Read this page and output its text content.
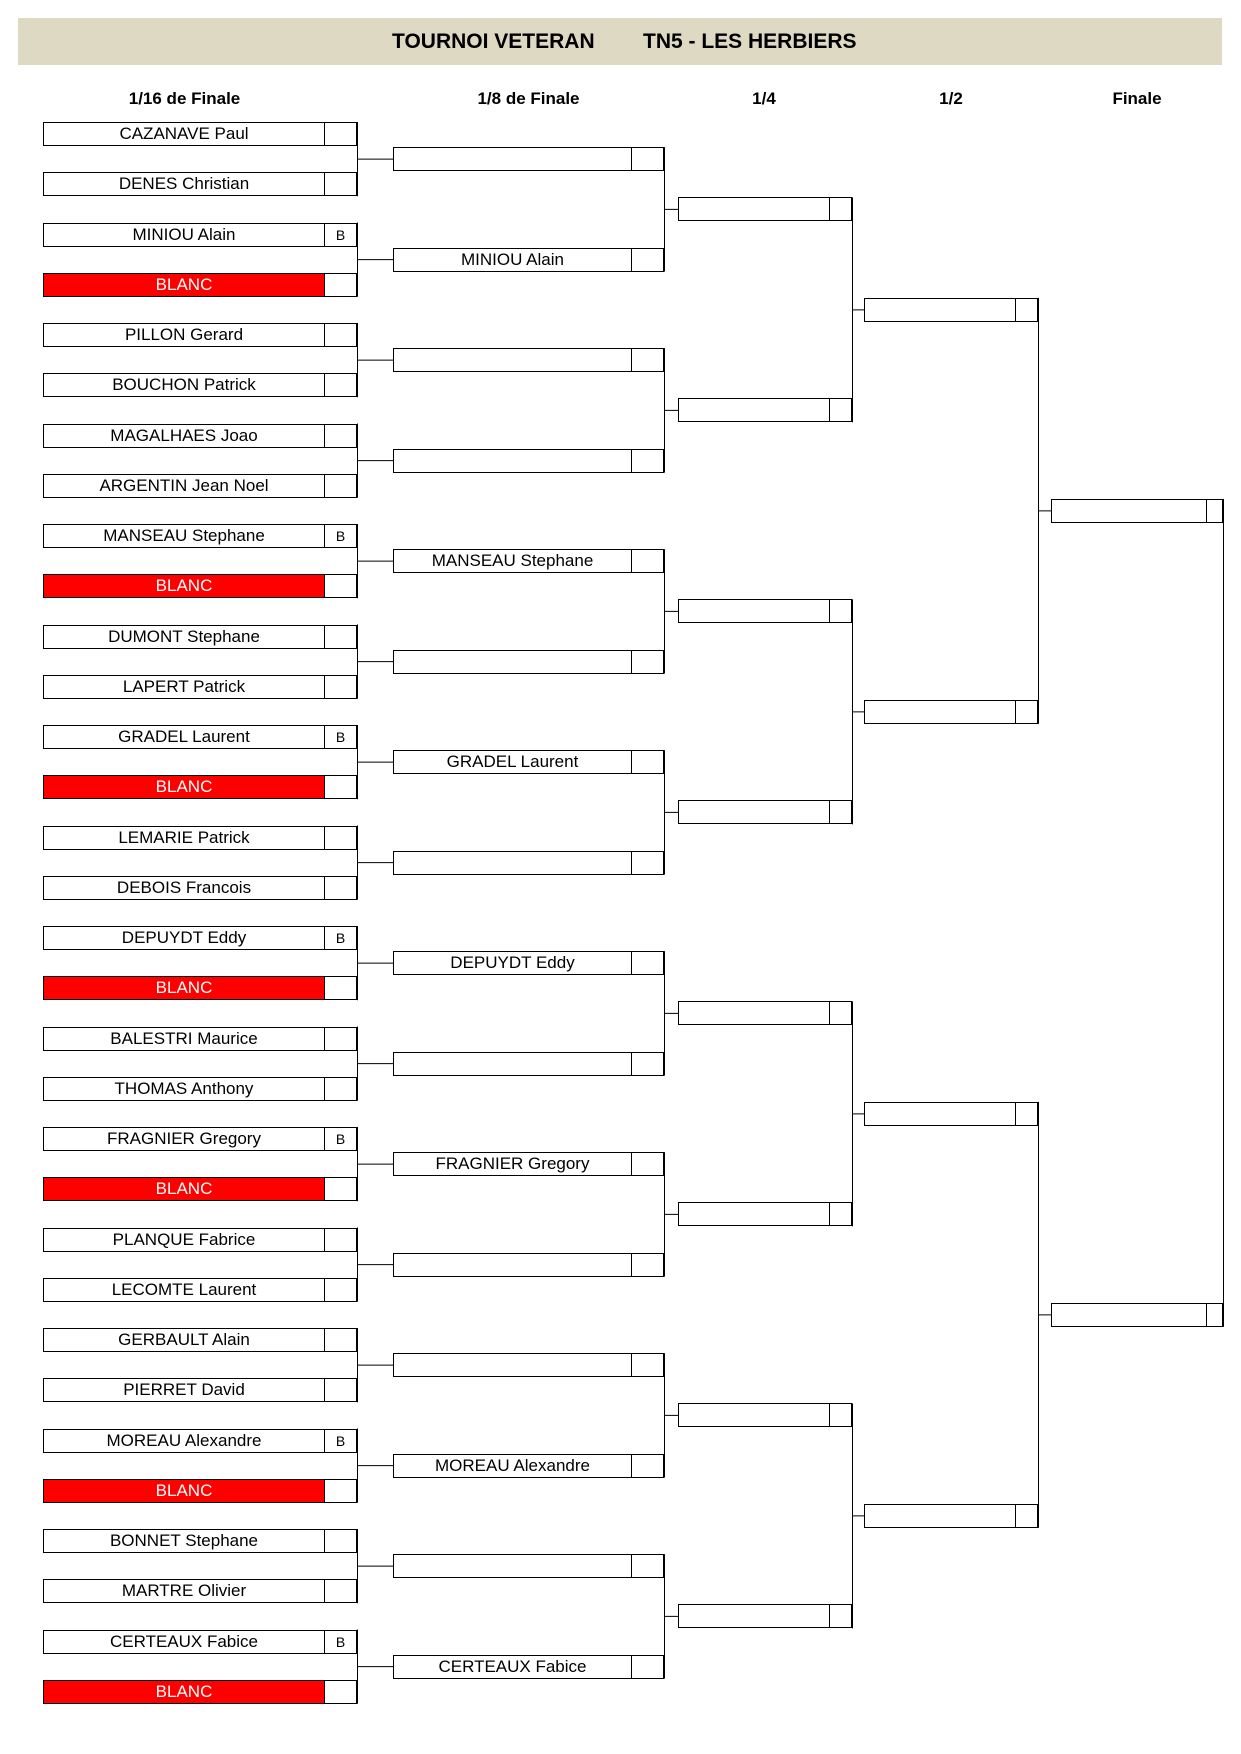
TOURNOI VETERAN TN5 - LES HERBIERS
1/16 de Finale	1/8 de Finale	1/4	1/2	Finale
CAZANAVE Paul
DENES Christian
MINIOU Alain	B
BLANC
PILLON Gerard
BOUCHON Patrick
MAGALHAES Joao
ARGENTIN Jean Noel
MANSEAU Stephane	B
BLANC
DUMONT Stephane
LAPERT Patrick
GRADEL Laurent	B
BLANC
LEMARIE Patrick
DEBOIS Francois
DEPUYDT Eddy	B
BLANC
BALESTRI Maurice
THOMAS Anthony
FRAGNIER Gregory	B
BLANC
PLANQUE Fabrice
LECOMTE Laurent
GERBAULT Alain
PIERRET David
MOREAU Alexandre	B
BLANC
BONNET Stephane
MARTRE Olivier
CERTEAUX Fabice	B
BLANC
MINIOU Alain
MANSEAU Stephane
GRADEL Laurent
DEPUYDT Eddy
FRAGNIER Gregory
MOREAU Alexandre
CERTEAUX Fabice
